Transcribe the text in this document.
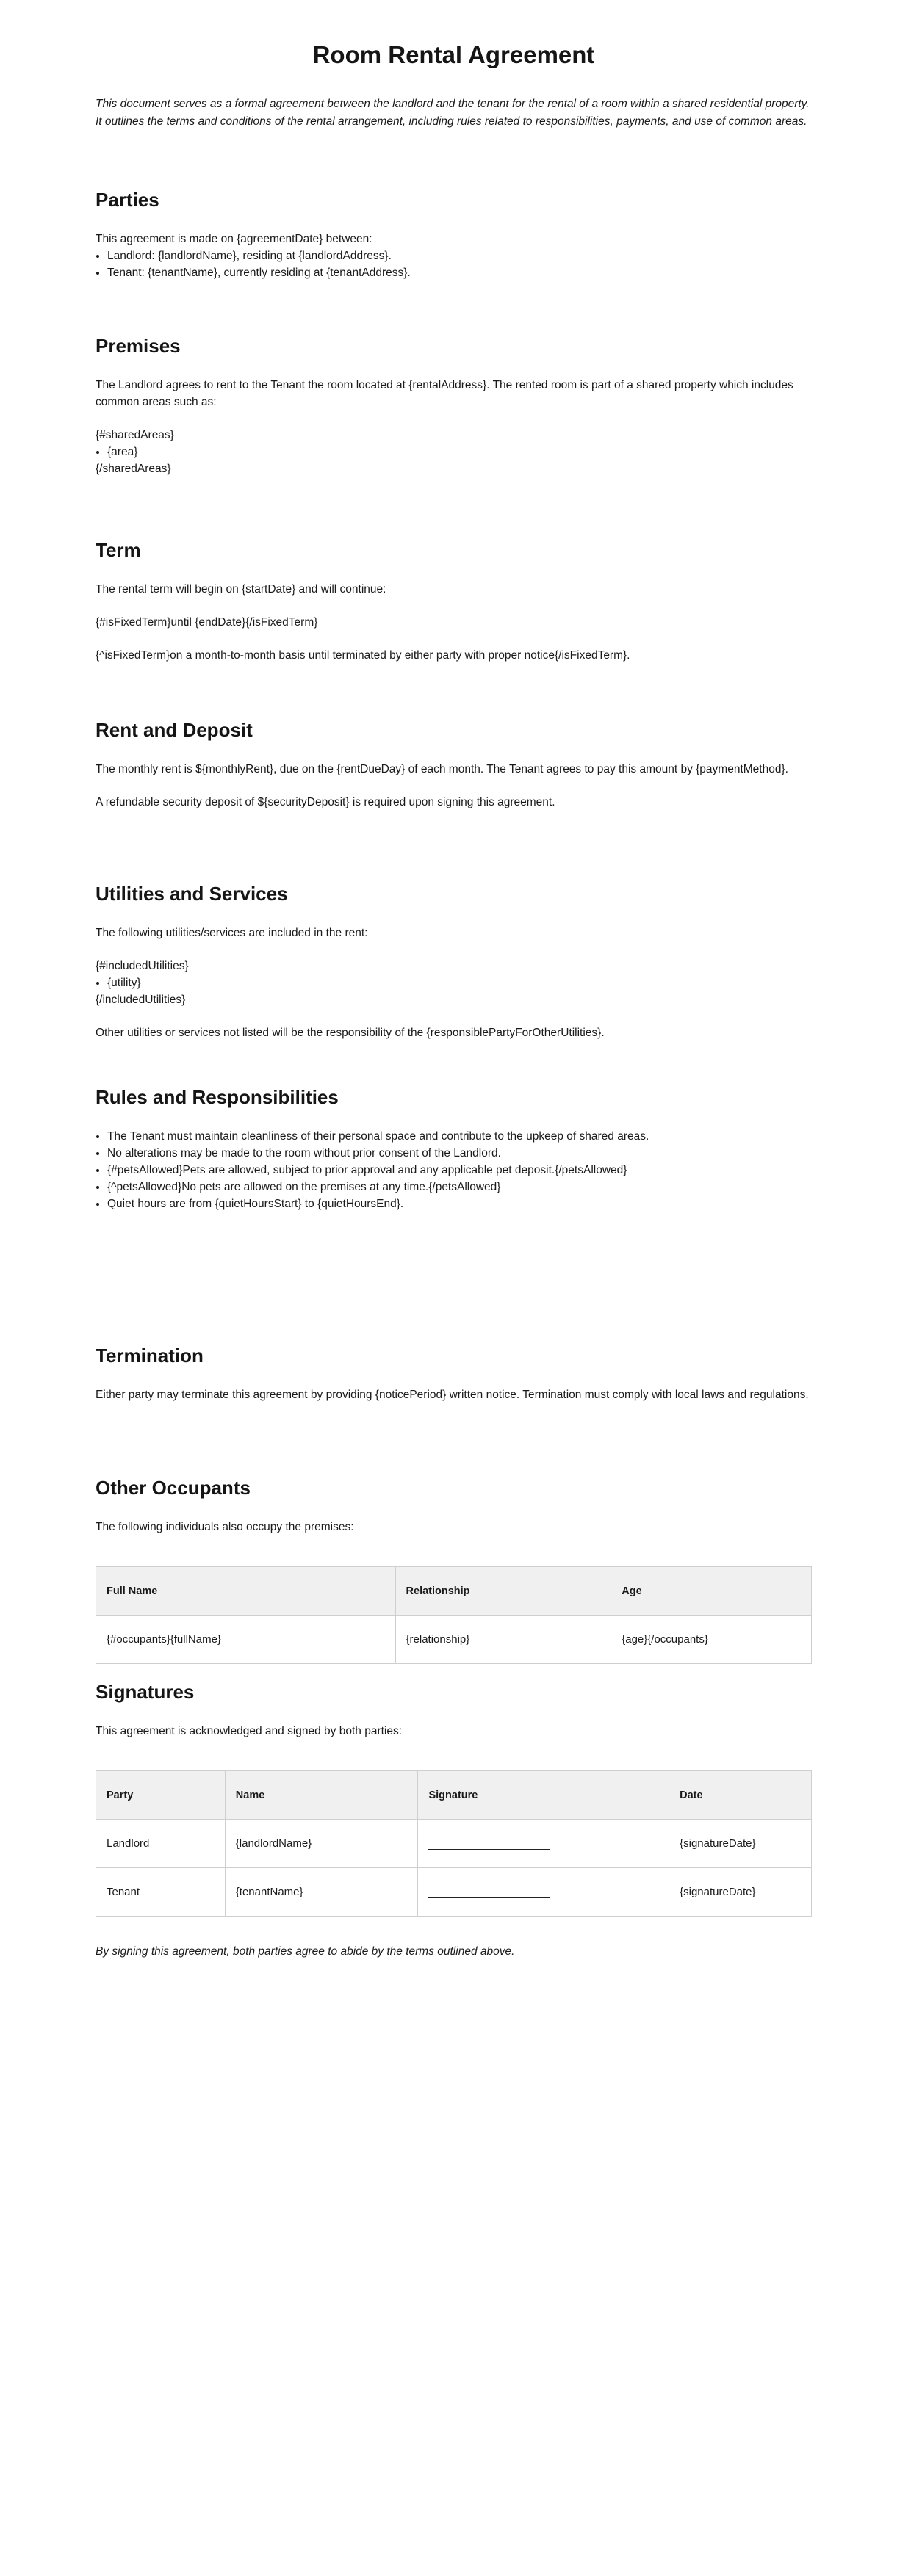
Room Rental Agreement

This document serves as a formal agreement between the landlord and the tenant for the rental of a room within a shared residential property. It outlines the terms and conditions of the rental arrangement, including rules related to responsibilities, payments, and use of common areas.

Parties

This agreement is made on {agreementDate} between:

• Landlord: {landlordName}, residing at {landlordAddress}.
• Tenant: {tenantName}, currently residing at {tenantAddress}.
Premises

The Landlord agrees to rent to the Tenant the room located at {rentalAddress}. The rented room is part of a shared property which includes common areas such as:

{#sharedAreas}

• {area}

{/sharedAreas}

Term

The rental term will begin on {startDate} and will continue:

{#isFixedTerm}until {endDate}{/isFixedTerm}

{^isFixedTerm}on a month-to-month basis until terminated by either party with proper notice{/isFixedTerm}.

Rent and Deposit

The monthly rent is ${monthlyRent}, due on the {rentDueDay} of each month. The Tenant agrees to pay this amount by {paymentMethod}.

A refundable security deposit of ${securityDeposit} is required upon signing this agreement.

Utilities and Services

The following utilities/services are included in the rent:

{#includedUtilities}

• {utility}

{/includedUtilities}

Other utilities or services not listed will be the responsibility of the {responsiblePartyForOtherUtilities}.

Rules and Responsibilities
• The Tenant must maintain cleanliness of their personal space and contribute to the upkeep of shared areas.
• No alterations may be made to the room without prior consent of the Landlord.
• {#petsAllowed}Pets are allowed, subject to prior approval and any applicable pet deposit.{/petsAllowed}
• {^petsAllowed}No pets are allowed on the premises at any time.{/petsAllowed}
• Quiet hours are from {quietHoursStart} to {quietHoursEnd}.
Termination

Either party may terminate this agreement by providing {noticePeriod} written notice. Termination must comply with local laws and regulations.

Other Occupants

The following individuals also occupy the premises:

Full Name	Relationship	Age
{#occupants}{fullName}	{relationship}	{age}{/occupants}
Signatures

This agreement is acknowledged and signed by both parties:

Party	Name	Signature	Date
Landlord	{landlordName}		{signatureDate}
Tenant	{tenantName}		{signatureDate}

By signing this agreement, both parties agree to abide by the terms outlined above.
